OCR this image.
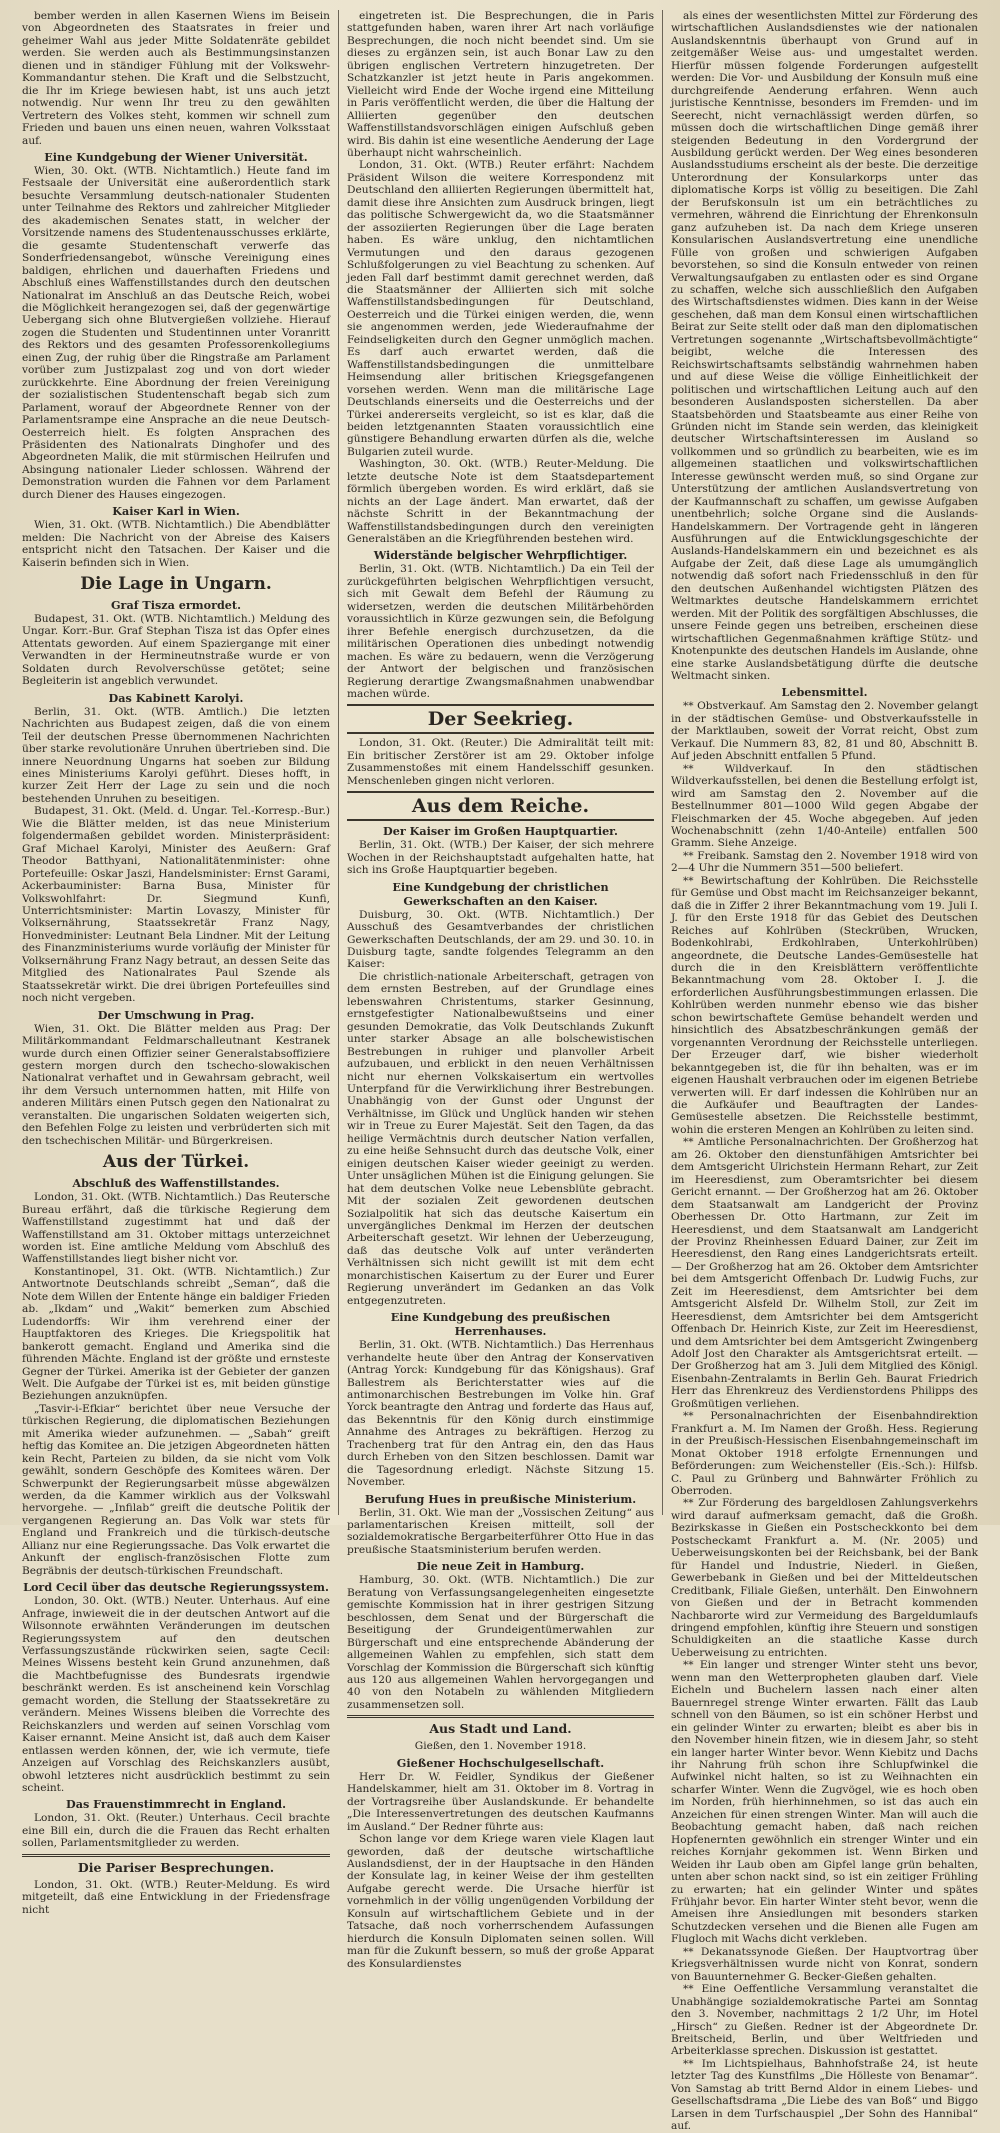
bember werden in allen Kasernen Wiens im Beisein von Abgeordneten des Staatsrates in freier und geheimer Wahl aus jeder Mitte Soldatenräte gebildet werden. Sie werden auch als Bestimmungsinstanzen dienen und in ständiger Fühlung mit der Volkswehr-Kommandantur stehen. Die Kraft und die Selbstzucht, die Ihr im Kriege bewiesen habt, ist uns auch jetzt notwendig. Nur wenn Ihr treu zu den gewählten Vertretern des Volkes steht, kommen wir schnell zum Frieden und bauen uns einen neuen, wahren Volksstaat auf.

Eine Kundgebung der Wiener Universität.

Wien, 30. Okt. (WTB. Nichtamtlich.) Heute fand im Festsaale der Universität eine außerordentlich stark besuchte Versammlung deutsch-nationaler Studenten unter Teilnahme des Rektors und zahlreicher Mitglieder des akademischen Senates statt, in welcher der Vorsitzende namens des Studentenausschusses erklärte, die gesamte Studentenschaft verwerfe das Sonderfriedensangebot, wünsche Vereinigung eines baldigen, ehrlichen und dauerhaften Friedens und Abschluß eines Waffenstillstandes durch den deutschen Nationalrat im Anschluß an das Deutsche Reich, wobei die Möglichkeit herangezogen sei, daß der gegenwärtige Uebergang sich ohne Blutvergießen vollziehe. Hierauf zogen die Studenten und Studentinnen unter Voranritt des Rektors und des gesamten Professorenkollegiums einen Zug, der ruhig über die Ringstraße am Parlament vorüber zum Justizpalast zog und von dort wieder zurückkehrte. Eine Abordnung der freien Vereinigung der sozialistischen Studentenschaft begab sich zum Parlament, worauf der Abgeordnete Renner von der Parlamentsrampe eine Ansprache an die neue Deutsch-Oesterreich hielt. Es folgten Ansprachen des Präsidenten des Nationalrats Dinghofer und des Abgeordneten Malik, die mit stürmischen Heilrufen und Absingung nationaler Lieder schlossen. Während der Demonstration wurden die Fahnen vor dem Parlament durch Diener des Hauses eingezogen.

Kaiser Karl in Wien.

Wien, 31. Okt. (WTB. Nichtamtlich.) Die Abendblätter melden: Die Nachricht von der Abreise des Kaisers entspricht nicht den Tatsachen. Der Kaiser und die Kaiserin befinden sich in Wien.

Die Lage in Ungarn.
Graf Tisza ermordet.

Budapest, 31. Okt. (WTB. Nichtamtlich.) Meldung des Ungar. Korr.-Bur. Graf Stephan Tisza ist das Opfer eines Attentats geworden. Auf einem Spaziergange mit einer Verwandten in der Hermineutnstraße wurde er von Soldaten durch Revolverschüsse getötet; seine Begleiterin ist angeblich verwundet.

Das Kabinett Karolyi.

Berlin, 31. Okt. (WTB. Amtlich.) Die letzten Nachrichten aus Budapest zeigen, daß die von einem Teil der deutschen Presse übernommenen Nachrichten über starke revolutionäre Unruhen übertrieben sind. Die innere Neuordnung Ungarns hat soeben zur Bildung eines Ministeriums Karolyi geführt. Dieses hofft, in kurzer Zeit Herr der Lage zu sein und die noch bestehenden Unruhen zu beseitigen.

Budapest, 31. Okt. (Meld. d. Ungar. Tel.-Korresp.-Bur.) Wie die Blätter melden, ist das neue Ministerium folgendermaßen gebildet worden. Ministerpräsident: Graf Michael Karolyi, Minister des Aeußern: Graf Theodor Batthyani, Nationalitätenminister: ohne Portefeuille: Oskar Jaszi, Handelsminister: Ernst Garami, Ackerbauminister: Barna Busa, Minister für Volkswohlfahrt: Dr. Siegmund Kunfi, Unterrichtsminister: Martin Lovaszy, Minister für Volksernährung, Staatssekretär Franz Nagy, Honvedminister: Leutnant Bela Lindner. Mit der Leitung des Finanzministeriums wurde vorläufig der Minister für Volksernährung Franz Nagy betraut, an dessen Seite das Mitglied des Nationalrates Paul Szende als Staatssekretär wirkt. Die drei übrigen Portefeuilles sind noch nicht vergeben.

Der Umschwung in Prag.

Wien, 31. Okt. Die Blätter melden aus Prag: Der Militärkommandant Feldmarschalleutnant Kestranek wurde durch einen Offizier seiner Generalstabsoffiziere gestern morgen durch den tschecho-slowakischen Nationalrat verhaftet und in Gewahrsam gebracht, weil ihr dem Versuch unternommen hatten, mit Hilfe von anderen Militärs einen Putsch gegen den Nationalrat zu veranstalten. Die ungarischen Soldaten weigerten sich, den Befehlen Folge zu leisten und verbrüderten sich mit den tschechischen Militär- und Bürgerkreisen.

Aus der Türkei.
Abschluß des Waffenstillstandes.

London, 31. Okt. (WTB. Nichtamtlich.) Das Reutersche Bureau erfährt, daß die türkische Regierung dem Waffenstillstand zugestimmt hat und daß der Waffenstillstand am 31. Oktober mittags unterzeichnet worden ist. Eine amtliche Meldung vom Abschluß des Waffenstillstandes liegt bisher nicht vor.

Konstantinopel, 31. Okt. (WTB. Nichtamtlich.) Zur Antwortnote Deutschlands schreibt „Seman“, daß die Note dem Willen der Entente hänge ein baldiger Frieden ab. „Ikdam“ und „Wakit“ bemerken zum Abschied Ludendorffs: Wir ihm verehrend einer der Hauptfaktoren des Krieges. Die Kriegspolitik hat bankerott gemacht. England und Amerika sind die führenden Mächte. England ist der größte und ernsteste Gegner der Türkei. Amerika ist der Gebieter der ganzen Welt. Die Aufgabe der Türkei ist es, mit beiden günstige Beziehungen anzuknüpfen.

„Tasvir-i-Efkiar“ berichtet über neue Versuche der türkischen Regierung, die diplomatischen Beziehungen mit Amerika wieder aufzunehmen. — „Sabah“ greift heftig das Komitee an. Die jetzigen Abgeordneten hätten kein Recht, Parteien zu bilden, da sie nicht vom Volk gewählt, sondern Geschöpfe des Komitees wären. Der Schwerpunkt der Regierungsarbeit müsse abgewälzen werden, da die Kammer wirklich aus der Volkswahl hervorgehe. — „Infilab“ greift die deutsche Politik der vergangenen Regierung an. Das Volk war stets für England und Frankreich und die türkisch-deutsche Allianz nur eine Regierungssache. Das Volk erwartet die Ankunft der englisch-französischen Flotte zum Begräbnis der deutsch-türkischen Freundschaft.

Lord Cecil über das deutsche Regierungssystem.

London, 30. Okt. (WTB.) Neuter. Unterhaus. Auf eine Anfrage, inwieweit die in der deutschen Antwort auf die Wilsonnote erwähnten Veränderungen im deutschen Regierungssystem auf den deutschen Verfassungszustände rückwirken seien, sagte Cecil: Meines Wissens besteht kein Grund anzunehmen, daß die Machtbefugnisse des Bundesrats irgendwie beschränkt werden. Es ist anscheinend kein Vorschlag gemacht worden, die Stellung der Staatssekretäre zu verändern. Meines Wissens bleiben die Vorrechte des Reichskanzlers und werden auf seinen Vorschlag vom Kaiser ernannt. Meine Ansicht ist, daß auch dem Kaiser entlassen werden können, der, wie ich vermute, tiefe Anzeigen auf Vorschlag des Reichskanzlers ausübt, obwohl letzteres nicht ausdrücklich bestimmt zu sein scheint.

Das Frauenstimmrecht in England.

London, 31. Okt. (Reuter.) Unterhaus. Cecil brachte eine Bill ein, durch die die Frauen das Recht erhalten sollen, Parlamentsmitglieder zu werden.

Die Pariser Besprechungen.

London, 31. Okt. (WTB.) Reuter-Meldung. Es wird mitgeteilt, daß eine Entwicklung in der Friedensfrage nicht

eingetreten ist. Die Besprechungen, die in Paris stattgefunden haben, waren ihrer Art nach vorläufige Besprechungen, die noch nicht beendet sind. Um sie dieses zu ergänzen sein, ist auch Bonar Law zu den übrigen englischen Vertretern hinzugetreten. Der Schatzkanzler ist jetzt heute in Paris angekommen. Vielleicht wird Ende der Woche irgend eine Mitteilung in Paris veröffentlicht werden, die über die Haltung der Alliierten gegenüber den deutschen Waffenstillstandsvorschlägen einigen Aufschluß geben wird. Bis dahin ist eine wesentliche Aenderung der Lage überhaupt nicht wahrscheinlich.

London, 31. Okt. (WTB.) Reuter erfährt: Nachdem Präsident Wilson die weitere Korrespondenz mit Deutschland den alliierten Regierungen übermittelt hat, damit diese ihre Ansichten zum Ausdruck bringen, liegt das politische Schwergewicht da, wo die Staatsmänner der assoziierten Regierungen über die Lage beraten haben. Es wäre unklug, den nichtamtlichen Vermutungen und den daraus gezogenen Schlußfolgerungen zu viel Beachtung zu schenken. Auf jeden Fall darf bestimmt damit gerechnet werden, daß die Staatsmänner der Alliierten sich mit solche Waffenstillstandsbedingungen für Deutschland, Oesterreich und die Türkei einigen werden, die, wenn sie angenommen werden, jede Wiederaufnahme der Feindseligkeiten durch den Gegner unmöglich machen. Es darf auch erwartet werden, daß die Waffenstillstandsbedingungen die unmittelbare Heimsendung aller britischen Kriegsgefangenen vorsehen werden. Wenn man die militärische Lage Deutschlands einerseits und die Oesterreichs und der Türkei andererseits vergleicht, so ist es klar, daß die beiden letztgenannten Staaten voraussichtlich eine günstigere Behandlung erwarten dürfen als die, welche Bulgarien zuteil wurde.

Washington, 30. Okt. (WTB.) Reuter-Meldung. Die letzte deutsche Note ist dem Staatsdepartement förmlich übergeben worden. Es wird erklärt, daß sie nichts an der Lage ändert. Man erwartet, daß der nächste Schritt in der Bekanntmachung der Waffenstillstandsbedingungen durch den vereinigten Generalstäben an die Kriegführenden bestehen wird.

Widerstände belgischer Wehrpflichtiger.

Berlin, 31. Okt. (WTB. Nichtamtlich.) Da ein Teil der zurückgeführten belgischen Wehrpflichtigen versucht, sich mit Gewalt dem Befehl der Räumung zu widersetzen, werden die deutschen Militärbehörden voraussichtlich in Kürze gezwungen sein, die Befolgung ihrer Befehle energisch durchzusetzen, da die militärischen Operationen dies unbedingt notwendig machen. Es wäre zu bedauern, wenn die Verzögerung der Antwort der belgischen und französischen Regierung derartige Zwangsmaßnahmen unabwendbar machen würde.

Der Seekrieg.

London, 31. Okt. (Reuter.) Die Admiralität teilt mit: Ein britischer Zerstörer ist am 29. Oktober infolge Zusammenstoßes mit einem Handelsschiff gesunken. Menschenleben gingen nicht verloren.

Aus dem Reiche.
Der Kaiser im Großen Hauptquartier.

Berlin, 31. Okt. (WTB.) Der Kaiser, der sich mehrere Wochen in der Reichshauptstadt aufgehalten hatte, hat sich ins Große Hauptquartier begeben.

Eine Kundgebung der christlichen Gewerkschaften an den Kaiser.

Duisburg, 30. Okt. (WTB. Nichtamtlich.) Der Ausschuß des Gesamtverbandes der christlichen Gewerkschaften Deutschlands, der am 29. und 30. 10. in Duisburg tagte, sandte folgendes Telegramm an den Kaiser:

Die christlich-nationale Arbeiterschaft, getragen von dem ernsten Bestreben, auf der Grundlage eines lebenswahren Christentums, starker Gesinnung, ernstgefestigter Nationalbewußtseins und einer gesunden Demokratie, das Volk Deutschlands Zukunft unter starker Absage an alle bolschewistischen Bestrebungen in ruhiger und planvoller Arbeit aufzubauen, und erblickt in den neuen Verhältnissen nicht nur ehernen Volkskaisertum ein wertvolles Unterpfand für die Verwirklichung ihrer Bestrebungen. Unabhängig von der Gunst oder Ungunst der Verhältnisse, im Glück und Unglück handen wir stehen wir in Treue zu Eurer Majestät. Seit den Tagen, da das heilige Vermächtnis durch deutscher Nation verfallen, zu eine heiße Sehnsucht durch das deutsche Volk, einer einigen deutschen Kaiser wieder geeinigt zu werden. Unter unsäglichen Mühen ist die Einigung gelungen. Sie hat dem deutschen Volke neue Lebensblüte gebracht. Mit der sozialen Zeit gewordenen deutschen Sozialpolitik hat sich das deutsche Kaisertum ein unvergängliches Denkmal im Herzen der deutschen Arbeiterschaft gesetzt. Wir lehnen der Ueberzeugung, daß das deutsche Volk auf unter veränderten Verhältnissen sich nicht gewillt ist mit dem echt monarchistischen Kaisertum zu der Eurer und Eurer Regierung unverändert im Gedanken an das Volk entgegenzutreten.

Eine Kundgebung des preußischen Herrenhauses.

Berlin, 31. Okt. (WTB. Nichtamtlich.) Das Herrenhaus verhandelte heute über den Antrag der Konservativen (Antrag Yorck: Kundgebung für das Königshaus). Graf Ballestrem als Berichterstatter wies auf die antimonarchischen Bestrebungen im Volke hin. Graf Yorck beantragte den Antrag und forderte das Haus auf, das Bekenntnis für den König durch einstimmige Annahme des Antrages zu bekräftigen. Herzog zu Trachenberg trat für den Antrag ein, den das Haus durch Erheben von den Sitzen beschlossen. Damit war die Tagesordnung erledigt. Nächste Sitzung 15. November.

Berufung Hues in preußische Ministerium.

Berlin, 31. Okt. Wie man der „Vossischen Zeitung“ aus parlamentarischen Kreisen mitteilt, soll der sozialdemokratische Bergarbeiterführer Otto Hue in das preußische Staatsministerium berufen werden.

Die neue Zeit in Hamburg.

Hamburg, 30. Okt. (WTB. Nichtamtlich.) Die zur Beratung von Verfassungsangelegenheiten eingesetzte gemischte Kommission hat in ihrer gestrigen Sitzung beschlossen, dem Senat und der Bürgerschaft die Beseitigung der Grundeigentümerwahlen zur Bürgerschaft und eine entsprechende Abänderung der allgemeinen Wahlen zu empfehlen, sich statt dem Vorschlag der Kommission die Bürgerschaft sich künftig aus 120 aus allgemeinen Wahlen hervorgegangen und 40 von den Notabeln zu wählenden Mitgliedern zusammensetzen soll.

Aus Stadt und Land.

Gießen, den 1. November 1918.

Gießener Hochschulgesellschaft.

Herr Dr. W. Feidler, Syndikus der Gießener Handelskammer, hielt am 31. Oktober im 8. Vortrag in der Vortragsreihe über Auslandskunde. Er behandelte „Die Interessenvertretungen des deutschen Kaufmanns im Ausland.“ Der Redner führte aus:

Schon lange vor dem Kriege waren viele Klagen laut geworden, daß der deutsche wirtschaftliche Auslandsdienst, der in der Hauptsache in den Händen der Konsulate lag, in keiner Weise der ihm gestellten Aufgabe gerecht werde. Die Ursache hierfür ist vornehmlich in der völlig ungenügenden Vorbildung der Konsuln auf wirtschaftlichem Gebiete und in der Tatsache, daß noch vorherrschendem Aufassungen hierdurch die Konsuln Diplomaten seinen sollen. Will man für die Zukunft bessern, so muß der große Apparat des Konsulardienstes

als eines der wesentlichsten Mittel zur Förderung des wirtschaftlichen Auslandsdienstes wie der nationalen Auslandskenntnis überhaupt von Grund auf in zeitgemäßer Weise aus- und umgestaltet werden. Hierfür müssen folgende Forderungen aufgestellt werden: Die Vor- und Ausbildung der Konsuln muß eine durchgreifende Aenderung erfahren. Wenn auch juristische Kenntnisse, besonders im Fremden- und im Seerecht, nicht vernachlässigt werden dürfen, so müssen doch die wirtschaftlichen Dinge gemäß ihrer steigenden Bedeutung in den Vordergrund der Ausbildung gerückt werden. Der Weg eines besonderen Auslandsstudiums erscheint als der beste. Die derzeitige Unterordnung der Konsularkorps unter das diplomatische Korps ist völlig zu beseitigen. Die Zahl der Berufskonsuln ist um ein beträchtliches zu vermehren, während die Einrichtung der Ehrenkonsuln ganz aufzuheben ist. Da nach dem Kriege unseren Konsularischen Auslandsvertretung eine unendliche Fülle von großen und schwierigen Aufgaben bevorstehen, so sind die Konsuln entweder von reinen Verwaltungsaufgaben zu entlasten oder es sind Organe zu schaffen, welche sich ausschließlich den Aufgaben des Wirtschaftsdienstes widmen. Dies kann in der Weise geschehen, daß man dem Konsul einen wirtschaftlichen Beirat zur Seite stellt oder daß man den diplomatischen Vertretungen sogenannte „Wirtschaftsbevollmächtigte“ beigibt, welche die Interessen des Reichswirtschaftsamts selbständig wahrnehmen haben und auf diese Weise die völlige Einheitlichkeit der politischen und wirtschaftlichen Leitung auch auf den besonderen Auslandsposten sicherstellen. Da aber Staatsbehörden und Staatsbeamte aus einer Reihe von Gründen nicht im Stande sein werden, das kleinigkeit deutscher Wirtschaftsinteressen im Ausland so vollkommen und so gründlich zu bearbeiten, wie es im allgemeinen staatlichen und volkswirtschaftlichen Interesse gewünscht werden muß, so sind Organe zur Unterstützung der amtlichen Auslandsvertretung von der Kaufmannschaft zu schaffen, um gewisse Aufgaben unentbehrlich; solche Organe sind die Auslands-Handelskammern. Der Vortragende geht in längeren Ausführungen auf die Entwicklungsgeschichte der Auslands-Handelskammern ein und bezeichnet es als Aufgabe der Zeit, daß diese Lage als umumgänglich notwendig daß sofort nach Friedensschluß in den für den deutschen Außenhandel wichtigsten Plätzen des Weltmarktes deutsche Handelskammern errichtet werden. Mit der Politik des sorgfältigen Abschlusses, die unsere Feinde gegen uns betreiben, erscheinen diese wirtschaftlichen Gegenmaßnahmen kräftige Stütz- und Knotenpunkte des deutschen Handels im Auslande, ohne eine starke Auslandsbetätigung dürfte die deutsche Weltmacht sinken.

Lebensmittel.

** Obstverkauf. Am Samstag den 2. November gelangt in der städtischen Gemüse- und Obstverkaufsstelle in der Marktlauben, soweit der Vorrat reicht, Obst zum Verkauf. Die Nummern 83, 82, 81 und 80, Abschnitt B. Auf jeden Abschnitt entfallen 5 Pfund.

** Wildverkauf. In den städtischen Wildverkaufsstellen, bei denen die Bestellung erfolgt ist, wird am Samstag den 2. November auf die Bestellnummer 801—1000 Wild gegen Abgabe der Fleischmarken der 45. Woche abgegeben. Auf jeden Wochenabschnitt (zehn 1/40-Anteile) entfallen 500 Gramm. Siehe Anzeige.

** Freibank. Samstag den 2. November 1918 wird von 2—4 Uhr die Nummern 351—500 beliefert.

** Bewirtschaftung der Kohlrüben. Die Reichsstelle für Gemüse und Obst macht im Reichsanzeiger bekannt, daß die in Ziffer 2 ihrer Bekanntmachung vom 19. Juli I. J. für den Erste 1918 für das Gebiet des Deutschen Reiches auf Kohlrüben (Steckrüben, Wrucken, Bodenkohlrabi, Erdkohlraben, Unterkohlrüben) angeordnete, die Deutsche Landes-Gemüsestelle hat durch die in den Kreisblättern veröffentlichte Bekanntmachung vom 28. Oktober I. J. die erforderlichen Ausführungsbestimmungen erlassen. Die Kohlrüben werden nunmehr ebenso wie das bisher schon bewirtschaftete Gemüse behandelt werden und hinsichtlich des Absatzbeschränkungen gemäß der vorgenannten Verordnung der Reichsstelle unterliegen. Der Erzeuger darf, wie bisher wiederholt bekanntgegeben ist, die für ihn behalten, was er im eigenen Haushalt verbrauchen oder im eigenen Betriebe verwerten will. Er darf indessen die Kohlrüben nur an die Aufkäufer und Beauftragten der Landes-Gemüsestelle absetzen. Die Reichsstelle bestimmt, wohin die ersteren Mengen an Kohlrüben zu leiten sind.

** Amtliche Personalnachrichten. Der Großherzog hat am 26. Oktober den dienstunfähigen Amtsrichter bei dem Amtsgericht Ulrichstein Hermann Rehart, zur Zeit im Heeresdienst, zum Oberamtsrichter bei diesem Gericht ernannt. — Der Großherzog hat am 26. Oktober dem Staatsanwalt am Landgericht der Provinz Oberhessen Dr. Otto Hartmann, zur Zeit im Heeresdienst, und dem Staatsanwalt am Landgericht der Provinz Rheinhessen Eduard Dainer, zur Zeit im Heeresdienst, den Rang eines Landgerichtsrats erteilt. — Der Großherzog hat am 26. Oktober dem Amtsrichter bei dem Amtsgericht Offenbach Dr. Ludwig Fuchs, zur Zeit im Heeresdienst, dem Amtsrichter bei dem Amtsgericht Alsfeld Dr. Wilhelm Stoll, zur Zeit im Heeresdienst, dem Amtsrichter bei dem Amtsgericht Offenbach Dr. Heinrich Kiste, zur Zeit im Heeresdienst, und dem Amtsrichter bei dem Amtsgericht Zwingenberg Adolf Jost den Charakter als Amtsgerichtsrat erteilt. — Der Großherzog hat am 3. Juli dem Mitglied des Königl. Eisenbahn-Zentralamts in Berlin Geh. Baurat Friedrich Herr das Ehrenkreuz des Verdienstordens Philipps des Großmütigen verliehen.

** Personalnachrichten der Eisenbahndirektion Frankfurt a. M. Im Namen der Großh. Hess. Regierung in der Preußisch-Hessischen Eisenbahngemeinschaft im Monat Oktober 1918 erfolgte Ernennungen und Beförderungen: zum Weichensteller (Eis.-Sch.): Hilfsb. C. Paul zu Grünberg und Bahnwärter Fröhlich zu Oberroden.

** Zur Förderung des bargeldlosen Zahlungsverkehrs wird darauf aufmerksam gemacht, daß die Großh. Bezirkskasse in Gießen ein Postscheckkonto bei dem Postscheckamt Frankfurt a. M. (Nr. 2005) und Ueberweisungskonten bei der Reichsbank, bei der Bank für Handel und Industrie, Niederl. in Gießen, Gewerbebank in Gießen und bei der Mitteldeutschen Creditbank, Filiale Gießen, unterhält. Den Einwohnern von Gießen und der in Betracht kommenden Nachbarorte wird zur Vermeidung des Bargeldumlaufs dringend empfohlen, künftig ihre Steuern und sonstigen Schuldigkeiten an die staatliche Kasse durch Ueberweisung zu entrichten.

** Ein langer und strenger Winter steht uns bevor, wenn man den Wetterpropheten glauben darf. Viele Eicheln und Buchelern lassen nach einer alten Bauernregel strenge Winter erwarten. Fällt das Laub schnell von den Bäumen, so ist ein schöner Herbst und ein gelinder Winter zu erwarten; bleibt es aber bis in den November hinein fitzen, wie in diesem Jahr, so steht ein langer harter Winter bevor. Wenn Kiebitz und Dachs ihr Nahrung früh schon ihre Schlupfwinkel die Aufwinkel nicht halten, so ist zu Weihnachten ein scharfer Winter. Wenn die Zugvögel, wie es hoch oben im Norden, früh hierhinnehmen, so ist das auch ein Anzeichen für einen strengen Winter. Man will auch die Beobachtung gemacht haben, daß nach reichen Hopfenernten gewöhnlich ein strenger Winter und ein reiches Kornjahr gekommen ist. Wenn Birken und Weiden ihr Laub oben am Gipfel lange grün behalten, unten aber schon nackt sind, so ist ein zeitiger Frühling zu erwarten; hat ein gelinder Winter und spätes Frühjahr bevor. Ein harter Winter steht bevor, wenn die Ameisen ihre Ansiedlungen mit besonders starken Schutzdecken versehen und die Bienen alle Fugen am Flugloch mit Wachs dicht verkleben.

** Dekanatssynode Gießen. Der Hauptvortrag über Kriegsverhältnissen wurde nicht von Konrat, sondern von Bauunternehmer G. Becker-Gießen gehalten.

** Eine Oeffentliche Versammlung veranstaltet die Unabhängige sozialdemokratische Partei am Sonntag den 3. November, nachmittags 2 1/2 Uhr, im Hotel „Hirsch“ zu Gießen. Redner ist der Abgeordnete Dr. Breitscheid, Berlin, und über Weltfrieden und Arbeiterklasse sprechen. Diskussion ist gestattet.

** Im Lichtspielhaus, Bahnhofstraße 24, ist heute letzter Tag des Kunstfilms „Die Hölleste von Benamar“. Von Samstag ab tritt Bernd Aldor in einem Liebes- und Gesellschaftsdrama „Die Liebe des van Boß“ und Biggo Larsen in dem Turfschauspiel „Der Sohn des Hannibal“ auf.
